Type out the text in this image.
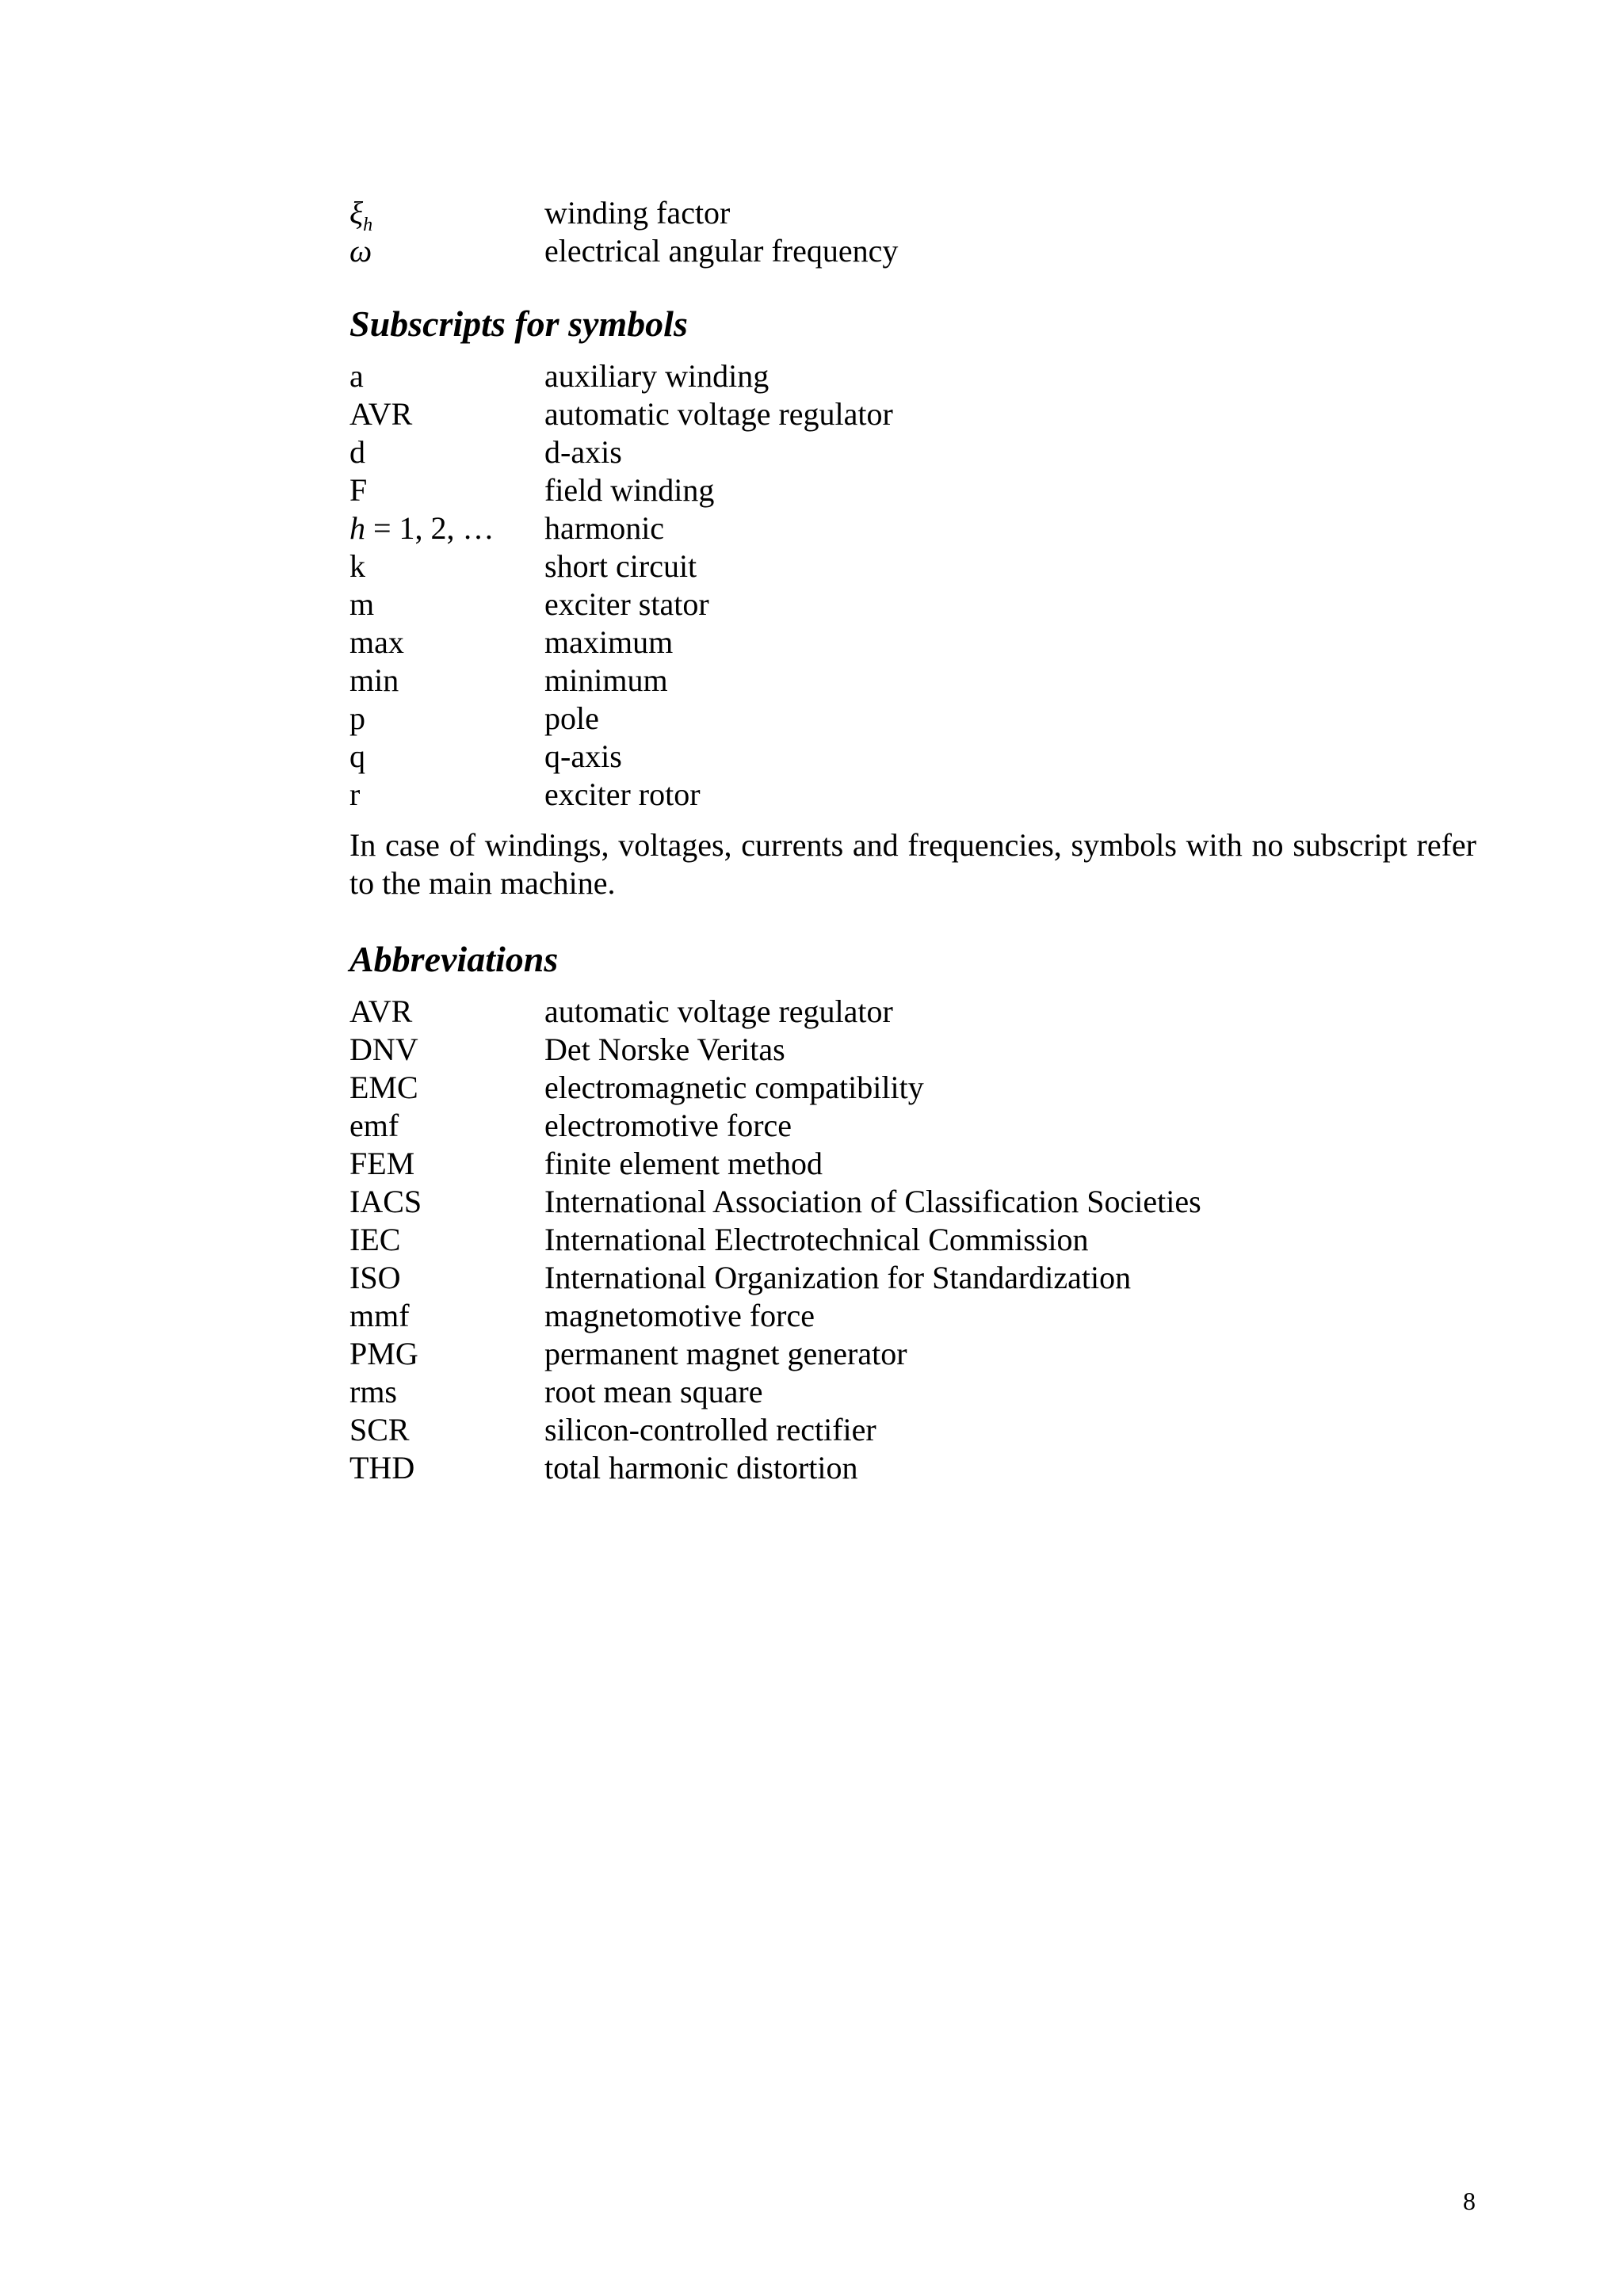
$\xi_h$	winding factor
ω	electrical angular frequency
Subscripts for symbols
a	auxiliary winding
AVR	automatic voltage regulator
d	d-axis
F	field winding
h = 1, 2, …	harmonic
k	short circuit
m	exciter stator
max	maximum
min	minimum
p	pole
q	q-axis
r	exciter rotor

In case of windings, voltages, currents and frequencies, symbols with no subscript refer to the main machine.

Abbreviations
AVR	automatic voltage regulator
DNV	Det Norske Veritas
EMC	electromagnetic compatibility
emf	electromotive force
FEM	finite element method
IACS	International Association of Classification Societies
IEC	International Electrotechnical Commission
ISO	International Organization for Standardization
mmf	magnetomotive force
PMG	permanent magnet generator
rms	root mean square
SCR	silicon-controlled rectifier
THD	total harmonic distortion
8
